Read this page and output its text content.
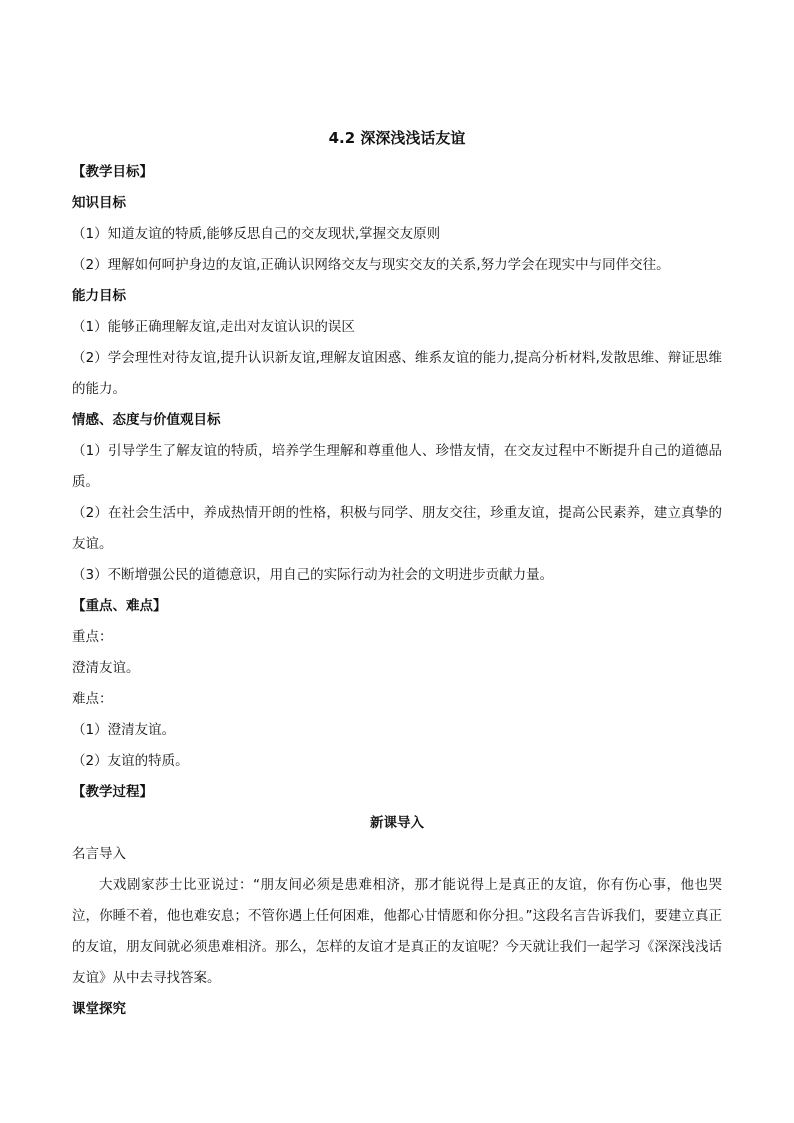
4.2 深深浅浅话友谊

【教学目标】

知识目标

（1）知道友谊的特质,能够反思自己的交友现状,掌握交友原则

（2）理解如何呵护身边的友谊,正确认识网络交友与现实交友的关系,努力学会在现实中与同伴交往。

能力目标

（1）能够正确理解友谊,走出对友谊认识的误区

（2）学会理性对待友谊,提升认识新友谊,理解友谊困惑、维系友谊的能力,提高分析材料,发散思维、辩证思维的能力。

情感、态度与价值观目标

（1）引导学生了解友谊的特质，培养学生理解和尊重他人、珍惜友情，在交友过程中不断提升自己的道德品质。

（2）在社会生活中，养成热情开朗的性格，积极与同学、朋友交往，珍重友谊，提高公民素养，建立真挚的友谊。

（3）不断增强公民的道德意识，用自己的实际行动为社会的文明进步贡献力量。

【重点、难点】

重点：

澄清友谊。

难点：

（1）澄清友谊。

（2）友谊的特质。

【教学过程】

新课导入

名言导入

大戏剧家莎士比亚说过：“朋友间必须是患难相济，那才能说得上是真正的友谊，你有伤心事，他也哭泣，你睡不着，他也难安息；不管你遇上任何困难，他都心甘情愿和你分担。”这段名言告诉我们，要建立真正的友谊，朋友间就必须患难相济。那么，怎样的友谊才是真正的友谊呢？今天就让我们一起学习《深深浅浅话友谊》从中去寻找答案。

课堂探究
